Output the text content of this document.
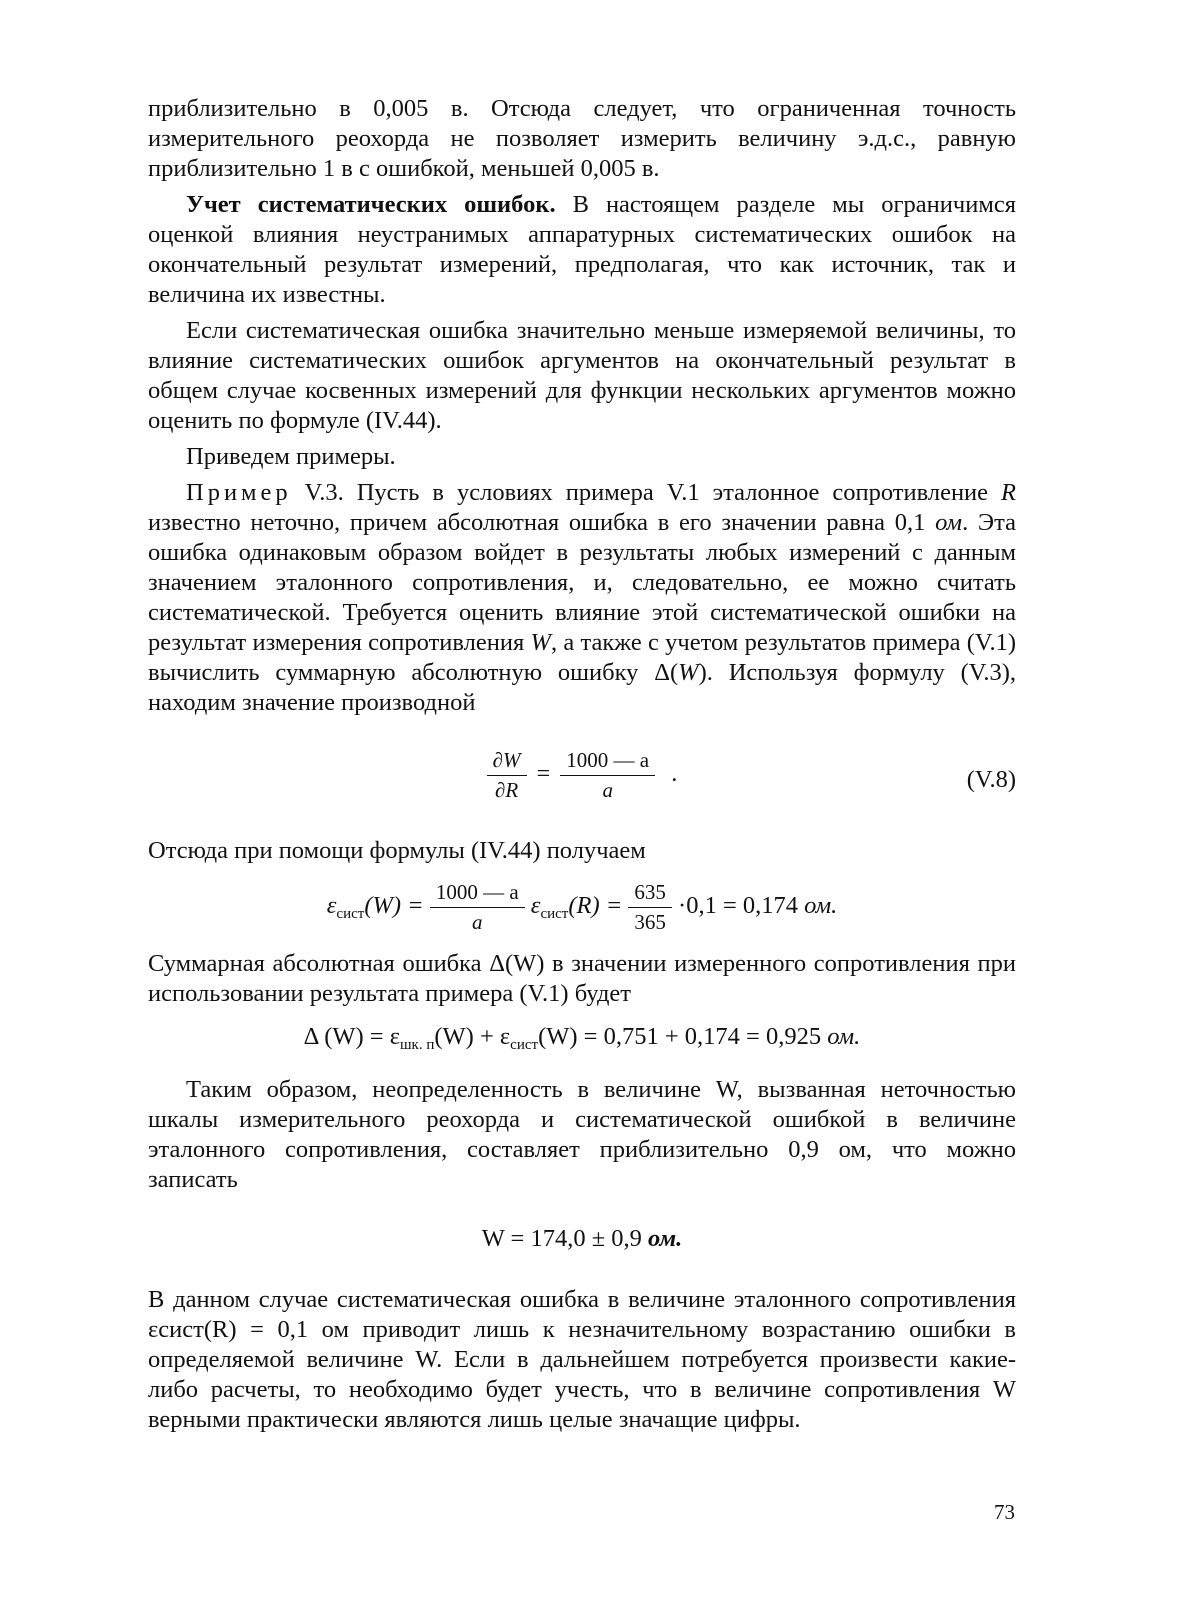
приблизительно в 0,005 в. Отсюда следует, что ограниченная точность измерительного реохорда не позволяет измерить величину э.д.с., равную приблизительно 1 в с ошибкой, меньшей 0,005 в.

Учет систематических ошибок. В настоящем разделе мы ограничимся оценкой влияния неустранимых аппаратурных систематических ошибок на окончательный результат измерений, предполагая, что как источник, так и величина их известны.

Если систематическая ошибка значительно меньше измеряемой величины, то влияние систематических ошибок аргументов на окончательный результат в общем случае косвенных измерений для функции нескольких аргументов можно оценить по формуле (IV.44).

Приведем примеры.

Пример V.3. Пусть в условиях примера V.1 эталонное сопротивление R известно неточно, причем абсолютная ошибка в его значении равна 0,1 ом. Эта ошибка одинаковым образом войдет в результаты любых измерений с данным значением эталонного сопротивления, и, следовательно, ее можно считать систематической. Требуется оценить влияние этой систематической ошибки на результат измерения сопротивления W, а также с учетом результатов примера (V.1) вычислить суммарную абсолютную ошибку Δ(W). Используя формулу (V.3), находим значение производной

$\frac{\partial W}{\partial R} = \frac{1000 — a}{a}$ .	(V.8)

Отсюда при помощи формулы (IV.44) получаем

$\varepsilon_{сист}(W) = \frac{1000 — a}{a} \varepsilon_{сист}(R) = \frac{635}{365} \cdot 0,1 = 0,174$ ом.

Суммарная абсолютная ошибка Δ(W) в значении измеренного сопротивления при использовании результата примера (V.1) будет

Δ $(W) = \varepsilon_{шк. п}(W) + \varepsilon_{сист}(W) = 0,751 + 0,174 = 0,925$ ом.

Таким образом, неопределенность в величине W, вызванная неточностью шкалы измерительного реохорда и систематической ошибкой в величине эталонного сопротивления, составляет приблизительно 0,9 ом, что можно записать

W = 174,0 ± 0,9 ом.

В данном случае систематическая ошибка в величине эталонного сопротивления εсист(R) = 0,1 ом приводит лишь к незначительному возрастанию ошибки в определяемой величине W. Если в дальнейшем потребуется произвести какие-либо расчеты, то необходимо будет учесть, что в величине сопротивления W верными практически являются лишь целые значащие цифры.

73
